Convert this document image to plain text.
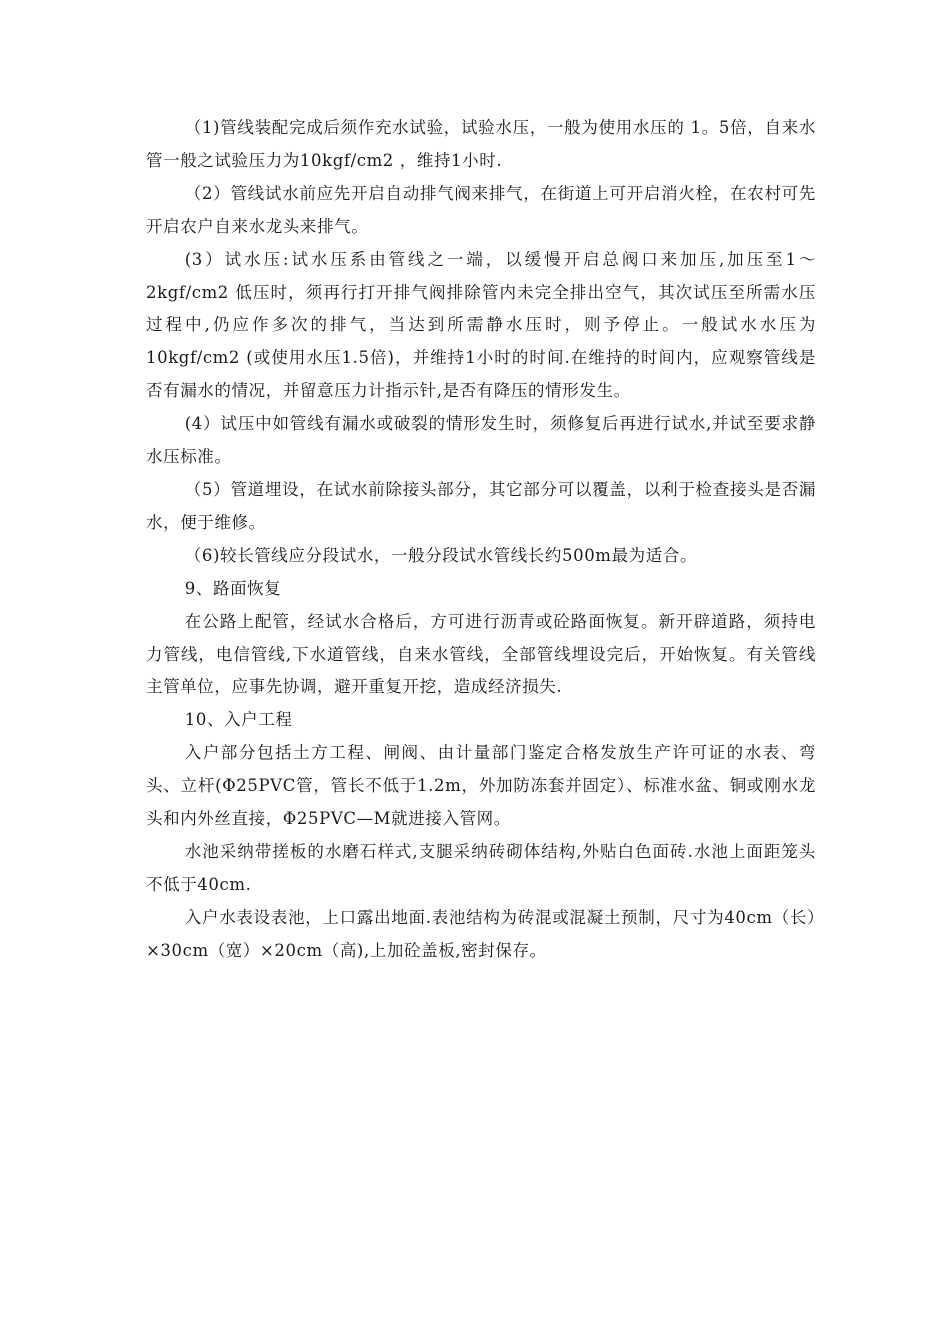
（1)管线装配完成后须作充水试验，试验水压，一般为使用水压的 1。5倍，自来水管一般之试验压力为10kgf/cm2 ，维持1小时.

（2）管线试水前应先开启自动排气阀来排气，在街道上可开启消火栓，在农村可先开启农户自来水龙头来排气。

(3）试水压:试水压系由管线之一端，以缓慢开启总阀口来加压,加压至1～2kgf/cm2 低压时，须再行打开排气阀排除管内未完全排出空气，其次试压至所需水压过程中,仍应作多次的排气，当达到所需静水压时，则予停止。一般试水水压为10kgf/cm2 (或使用水压1.5倍)，并维持1小时的时间.在维持的时间内，应观察管线是否有漏水的情况，并留意压力计指示针,是否有降压的情形发生。

(4）试压中如管线有漏水或破裂的情形发生时，须修复后再进行试水,并试至要求静水压标准。

（5）管道埋设，在试水前除接头部分，其它部分可以覆盖，以利于检查接头是否漏水，便于维修。

（6)较长管线应分段试水，一般分段试水管线长约500m最为适合。

9、路面恢复

在公路上配管，经试水合格后，方可进行沥青或砼路面恢复。新开辟道路，须持电力管线，电信管线,下水道管线，自来水管线，全部管线埋设完后，开始恢复。有关管线主管单位，应事先协调，避开重复开挖，造成经济损失.

10、入户工程

入户部分包括土方工程、闸阀、由计量部门鉴定合格发放生产许可证的水表、弯头、立杆(Φ25PVC管，管长不低于1.2m，外加防冻套并固定）、标准水盆、铜或刚水龙头和内外丝直接，Φ25PVC—M就进接入管网。

水池采纳带搓板的水磨石样式,支腿采纳砖砌体结构,外贴白色面砖.水池上面距笼头不低于40cm.

入户水表设表池，上口露出地面.表池结构为砖混或混凝土预制，尺寸为40cm（长）×30cm（宽）×20cm（高),上加砼盖板,密封保存。
